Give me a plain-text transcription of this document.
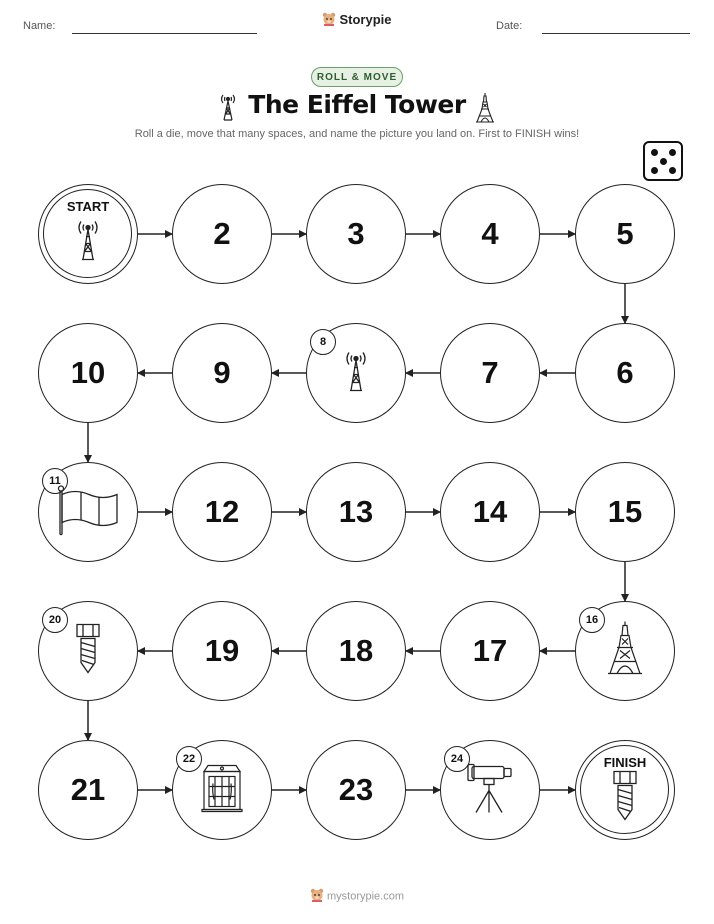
Name:	Storypie	Date:
ROLL & MOVE
The Eiffel Tower
Roll a die, move that many spaces, and name the picture you land on. First to FINISH wins!
START
2	3	4	5
6
7
8
9
10
11
12	13	14	15
16
17
18
19
20
21
22
23
24	FINISH
mystorypie.com
